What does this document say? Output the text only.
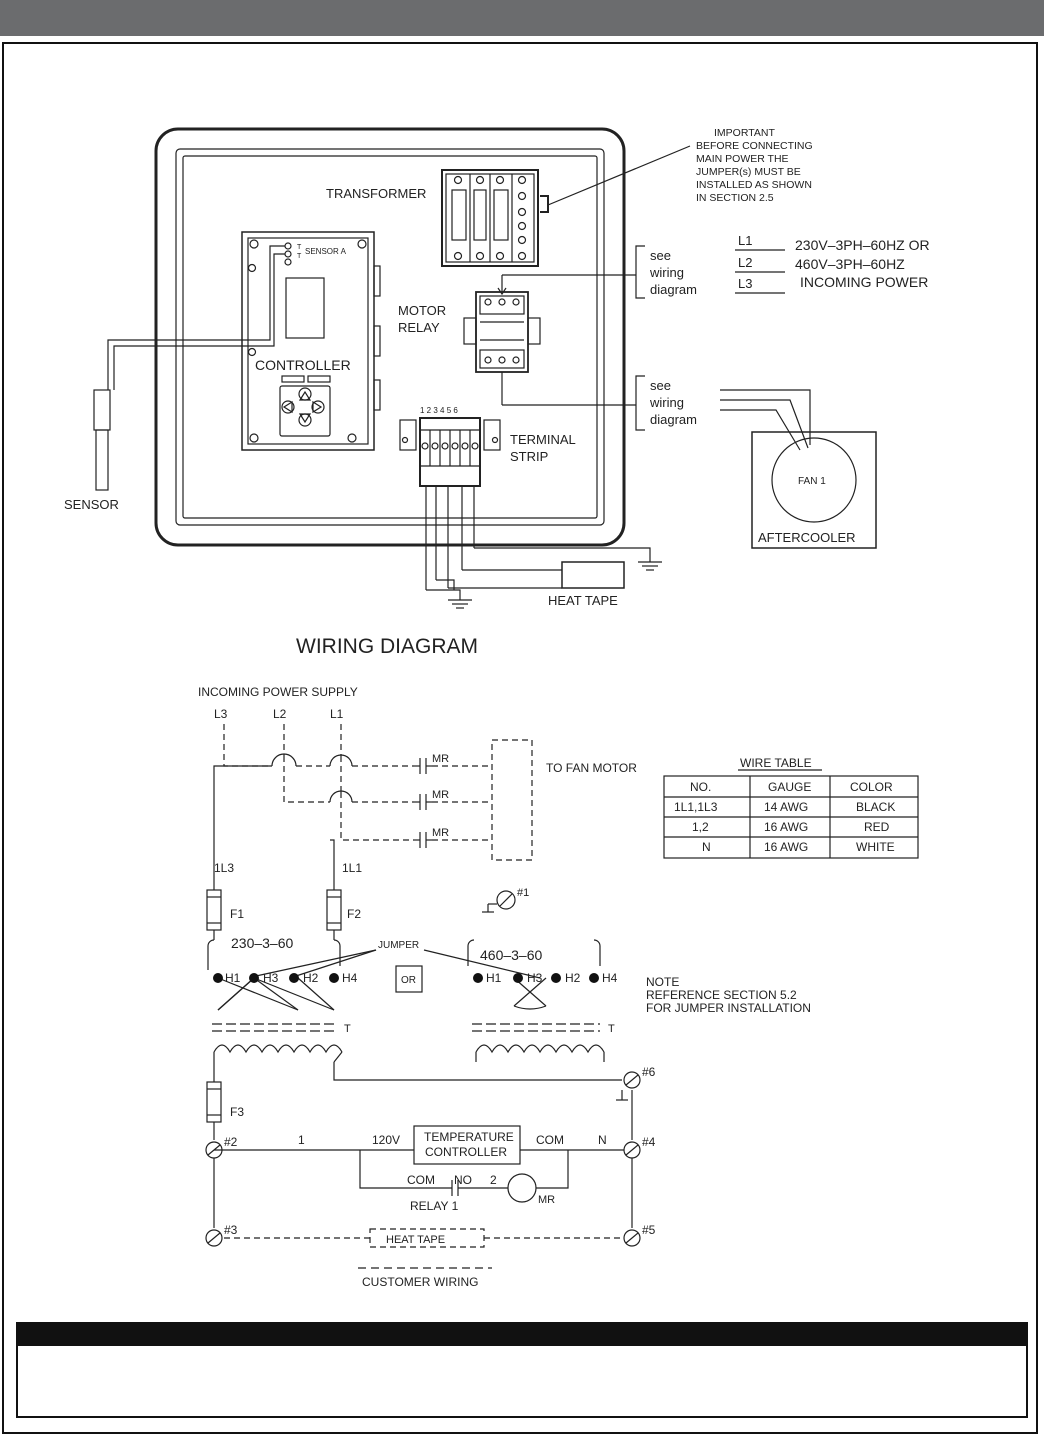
TRANSFORMER
IMPORTANT
BEFORE CONNECTING
MAIN POWER THE
JUMPER(s) MUST BE
INSTALLED AS SHOWN
IN SECTION 2.5
T
T
SENSOR A
CONTROLLER
SENSOR
MOTOR
RELAY
see
wiring
diagram
L1
L2
L3
230V–3PH–60HZ OR
460V–3PH–60HZ
INCOMING POWER
see
wiring
diagram
FAN 1
AFTERCOOLER
1 2 3 4 5 6
TERMINAL
STRIP
HEAT TAPE
WIRING DIAGRAM
INCOMING POWER SUPPLY
L3	L2	L1
MR
MR
MR
TO FAN MOTOR
1L3	1L1
F1	F2
#1
230–3–60
460–3–60
JUMPER
H1 H3 H2 H4	OR	H1 H3 H2 H4
T	T
NOTE
REFERENCE SECTION 5.2
FOR JUMPER INSTALLATION
F3
#2
#3
#4
#5
#6
1	120V	COM	N
TEMPERATURE
CONTROLLER
COM NO 2
RELAY 1	MR
HEAT TAPE
CUSTOMER WIRING
WIRE TABLE
NO.	GAUGE	COLOR
1L1,1L3	14 AWG	BLACK
1,2	16 AWG	RED
N	16 AWG	WHITE
